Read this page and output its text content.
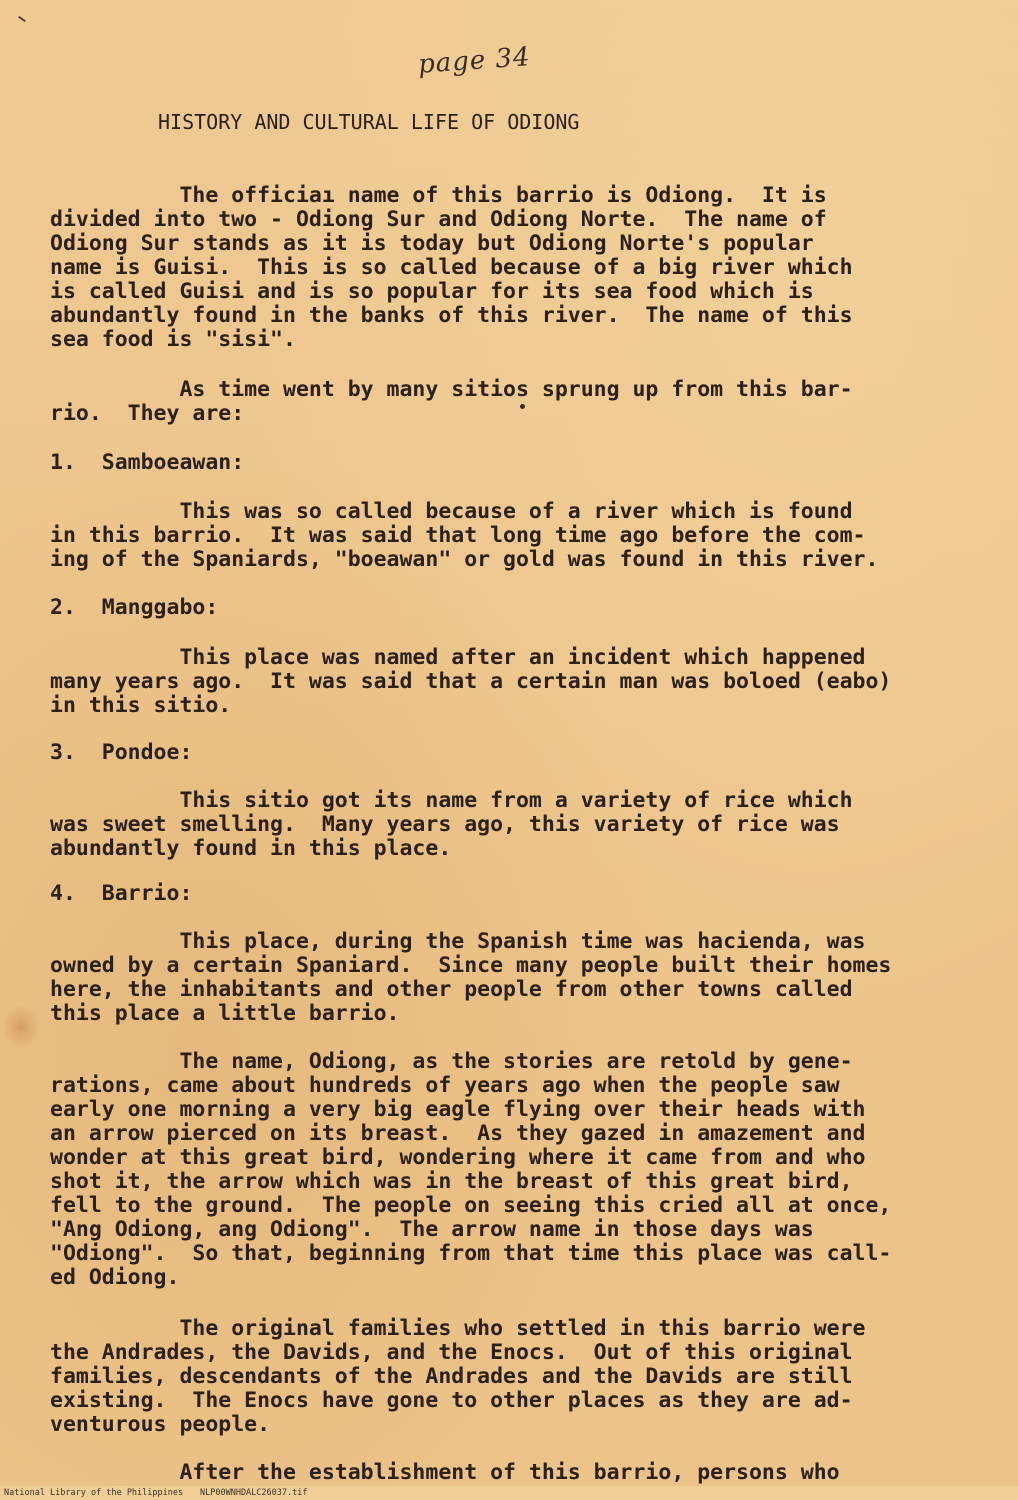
page 34
HISTORY AND CULTURAL LIFE OF ODIONG
The officiaı name of this barrio is Odiong.  It is
divided into two - Odiong Sur and Odiong Norte.  The name of
Odiong Sur stands as it is today but Odiong Norte's popular
name is Guisi.  This is so called because of a big river which
is called Guisi and is so popular for its sea food which is
abundantly found in the banks of this river.  The name of this
sea food is "sisi".
As time went by many sitios sprung up from this bar-
rio.  They are:
1.  Samboeawan:
This was so called because of a river which is found
in this barrio.  It was said that long time ago before the com-
ing of the Spaniards, "boeawan" or gold was found in this river.
2.  Manggabo:
This place was named after an incident which happened
many years ago.  It was said that a certain man was boloed (eabo)
in this sitio.
3.  Pondoe:
This sitio got its name from a variety of rice which
was sweet smelling.  Many years ago, this variety of rice was
abundantly found in this place.
4.  Barrio:
This place, during the Spanish time was hacienda, was
owned by a certain Spaniard.  Since many people built their homes
here, the inhabitants and other people from other towns called
this place a little barrio.
The name, Odiong, as the stories are retold by gene-
rations, came about hundreds of years ago when the people saw
early one morning a very big eagle flying over their heads with
an arrow pierced on its breast.  As they gazed in amazement and
wonder at this great bird, wondering where it came from and who
shot it, the arrow which was in the breast of this great bird,
fell to the ground.  The people on seeing this cried all at once,
"Ang Odiong, ang Odiong".  The arrow name in those days was
"Odiong".  So that, beginning from that time this place was call-
ed Odiong.
The original families who settled in this barrio were
the Andrades, the Davids, and the Enocs.  Out of this original
families, descendants of the Andrades and the Davids are still
existing.  The Enocs have gone to other places as they are ad-
venturous people.
After the establishment of this barrio, persons who
National Library of the Philippines NLP00WNHDALC26037.tif
